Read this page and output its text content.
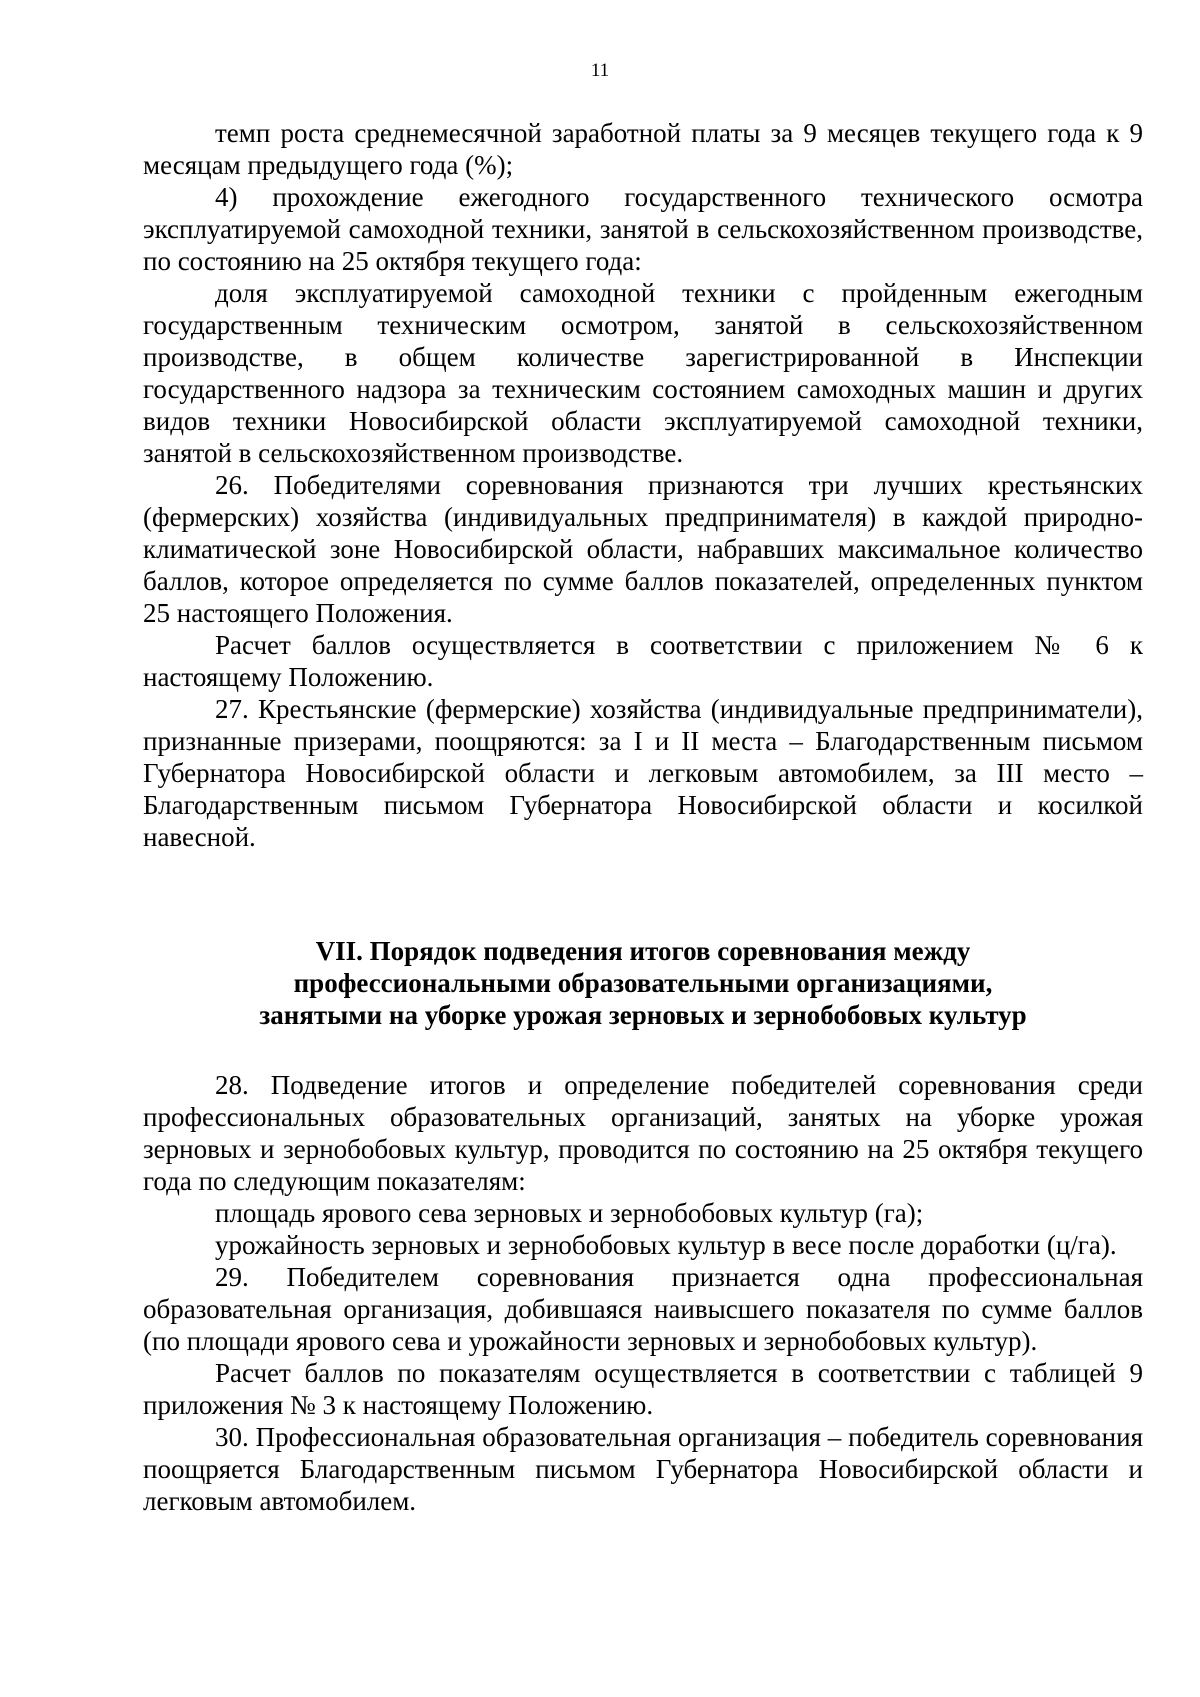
11

темп роста среднемесячной заработной платы за 9 месяцев текущего года к 9 месяцам предыдущего года (%);

4) прохождение ежегодного государственного технического осмотра эксплуатируемой самоходной техники, занятой в сельскохозяйственном производстве, по состоянию на 25 октября текущего года:

доля эксплуатируемой самоходной техники с пройденным ежегодным государственным техническим осмотром, занятой в сельскохозяйственном производстве, в общем количестве зарегистрированной в Инспекции государственного надзора за техническим состоянием самоходных машин и других видов техники Новосибирской области эксплуатируемой самоходной техники, занятой в сельскохозяйственном производстве.

26. Победителями соревнования признаются три лучших крестьянских (фермерских) хозяйства (индивидуальных предпринимателя) в каждой природно-климатической зоне Новосибирской области, набравших максимальное количество баллов, которое определяется по сумме баллов показателей, определенных пунктом 25 настоящего Положения.

Расчет баллов осуществляется в соответствии с приложением № 6 к настоящему Положению.

27. Крестьянские (фермерские) хозяйства (индивидуальные предприниматели), признанные призерами, поощряются: за I и II места – Благодарственным письмом Губернатора Новосибирской области и легковым автомобилем, за III место – Благодарственным письмом Губернатора Новосибирской области и косилкой навесной.

VII. Порядок подведения итогов соревнования между
профессиональными образовательными организациями,
занятыми на уборке урожая зерновых и зернобобовых культур

28. Подведение итогов и определение победителей соревнования среди профессиональных образовательных организаций, занятых на уборке урожая зерновых и зернобобовых культур, проводится по состоянию на 25 октября текущего года по следующим показателям:

площадь ярового сева зерновых и зернобобовых культур (га);

урожайность зерновых и зернобобовых культур в весе после доработки (ц/га).

29. Победителем соревнования признается одна профессиональная образовательная организация, добившаяся наивысшего показателя по сумме баллов (по площади ярового сева и урожайности зерновых и зернобобовых культур).

Расчет баллов по показателям осуществляется в соответствии с таблицей 9 приложения № 3 к настоящему Положению.

30. Профессиональная образовательная организация – победитель соревнования поощряется Благодарственным письмом Губернатора Новосибирской области и легковым автомобилем.
